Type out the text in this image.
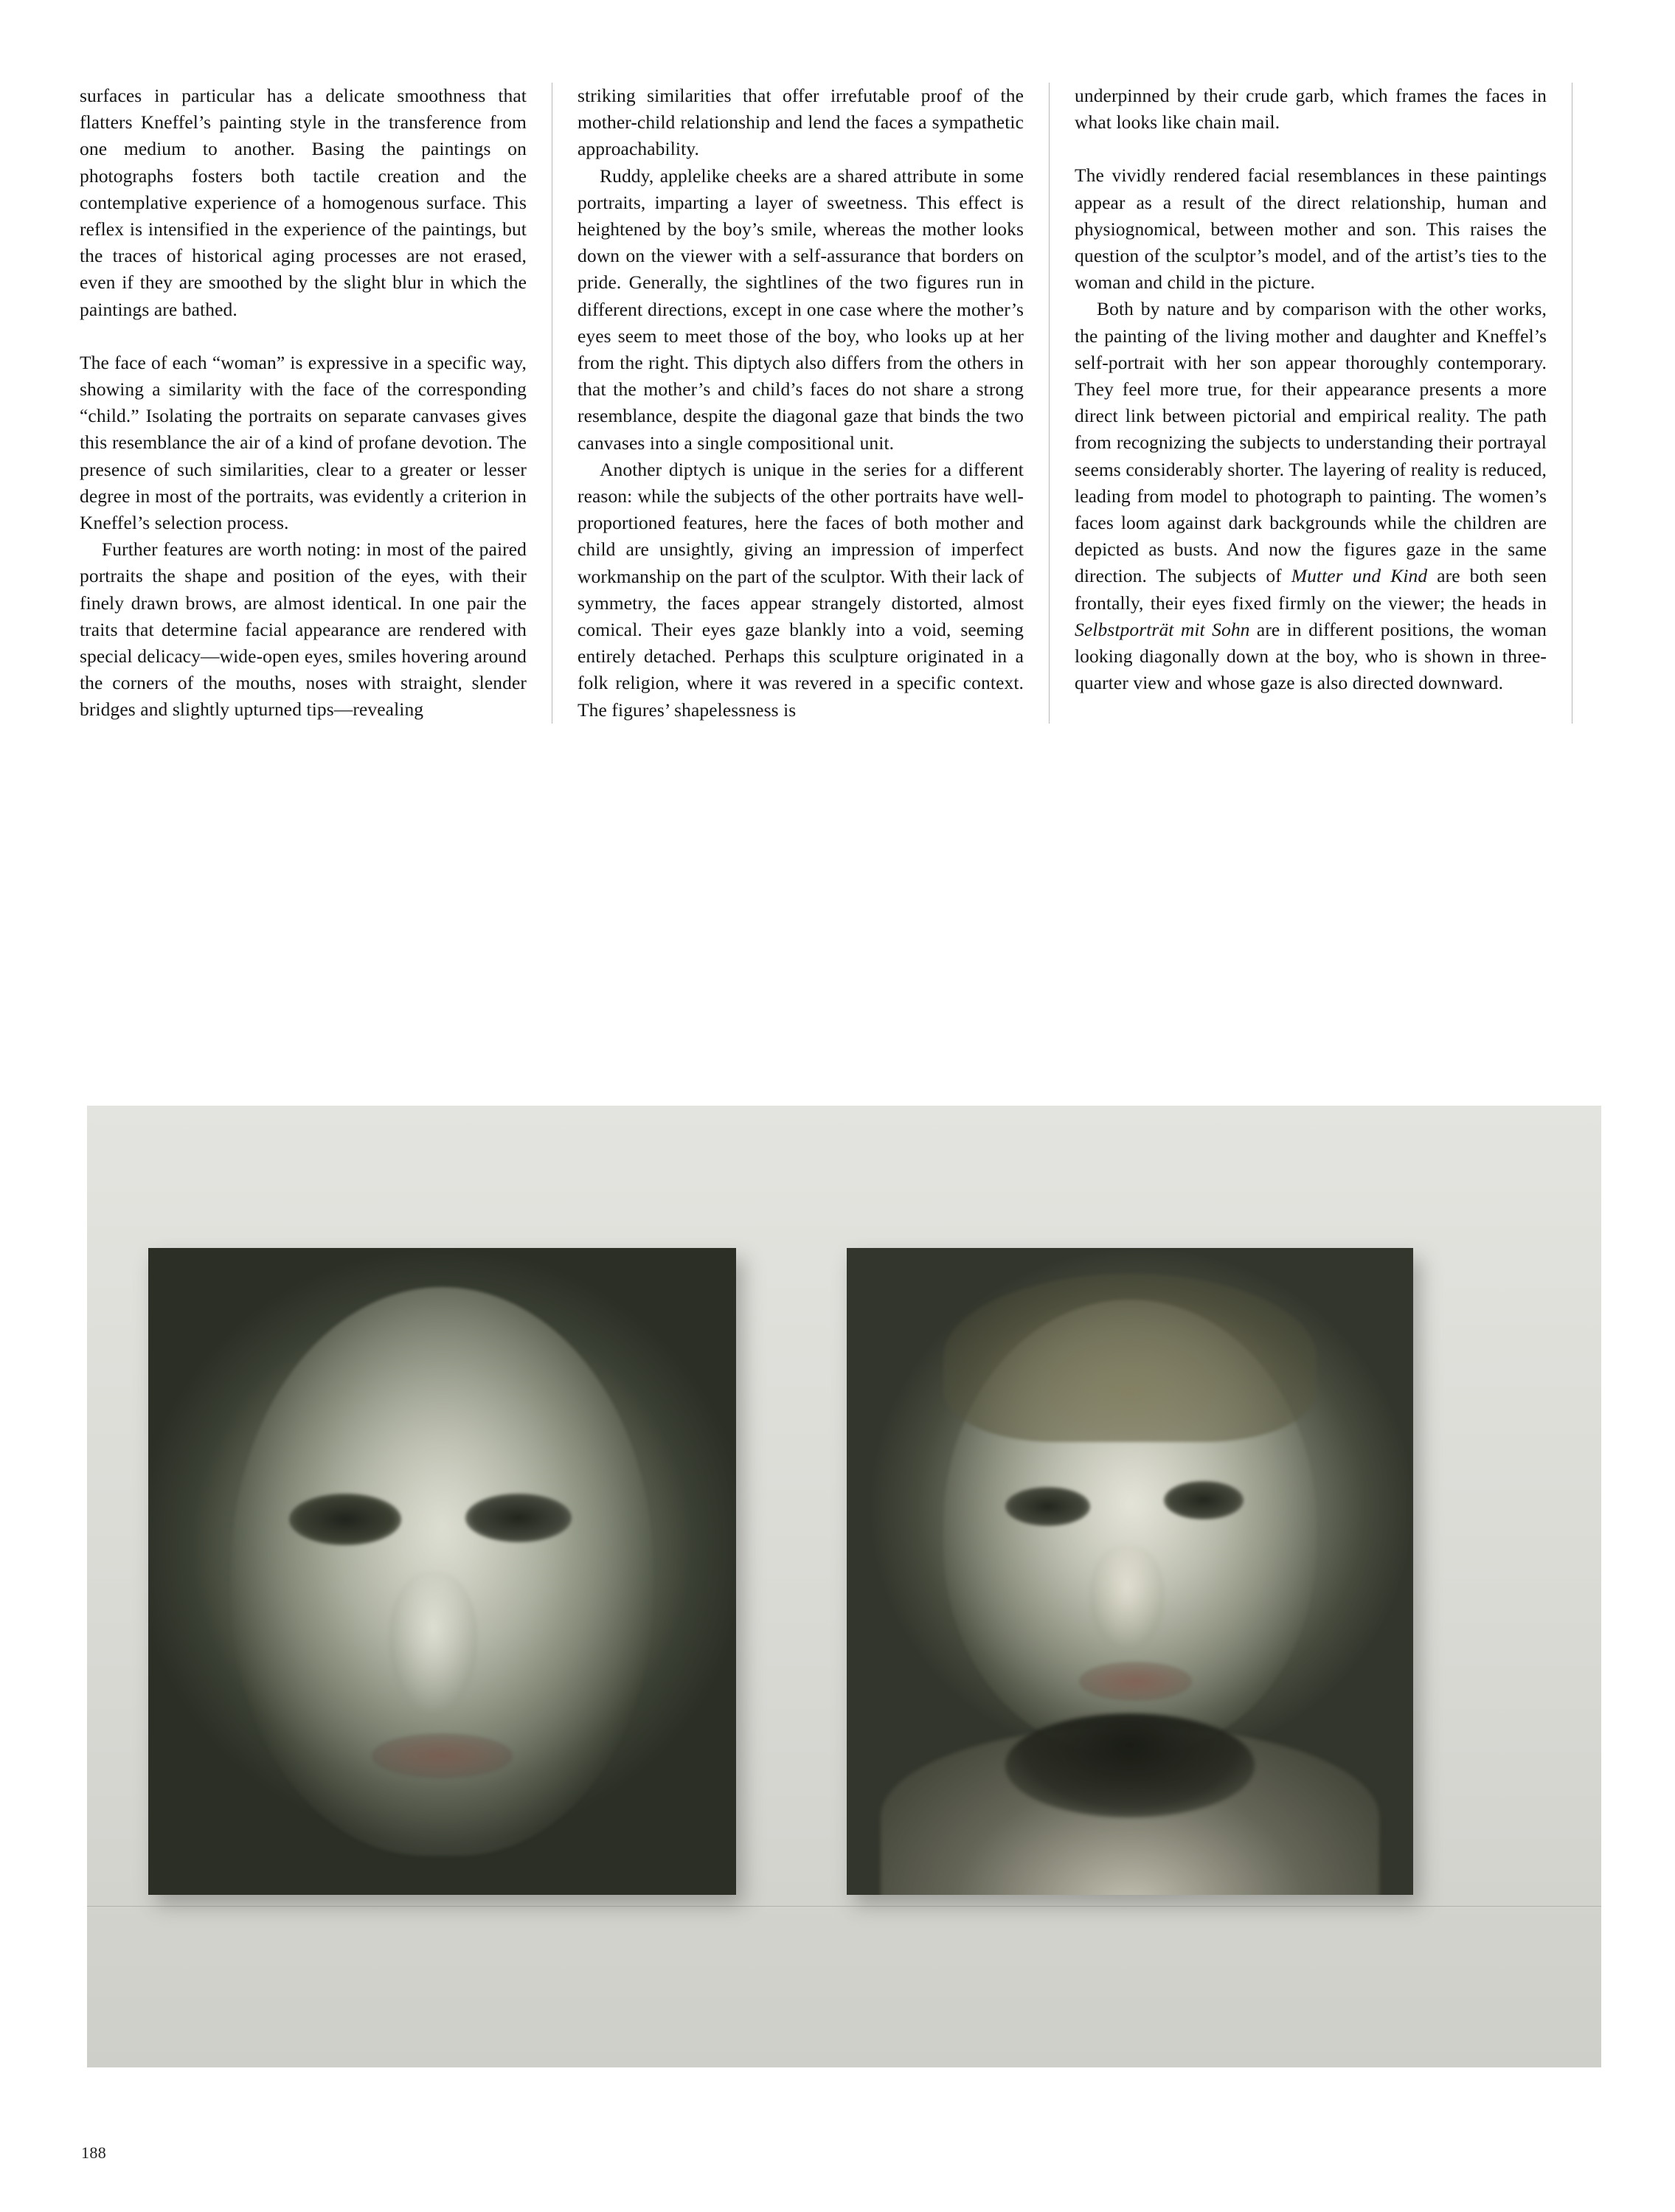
surfaces in particular has a delicate smoothness that flatters Kneffel’s painting style in the transference from one medium to another. Basing the paintings on photographs fosters both tactile creation and the contemplative experience of a homogenous surface. This reflex is intensified in the experience of the paintings, but the traces of historical aging processes are not erased, even if they are smoothed by the slight blur in which the paintings are bathed.

The face of each “woman” is expressive in a specific way, showing a similarity with the face of the corresponding “child.” Isolating the portraits on separate canvases gives this resemblance the air of a kind of profane devotion. The presence of such similarities, clear to a greater or lesser degree in most of the portraits, was evidently a criterion in Kneffel’s selection process.

Further features are worth noting: in most of the paired portraits the shape and position of the eyes, with their finely drawn brows, are almost identical. In one pair the traits that determine facial appearance are rendered with special delicacy—wide-open eyes, smiles hovering around the corners of the mouths, noses with straight, slender bridges and slightly upturned tips—revealing

striking similarities that offer irrefutable proof of the mother-child relationship and lend the faces a sympathetic approachability.

Ruddy, applelike cheeks are a shared attribute in some portraits, imparting a layer of sweetness. This effect is heightened by the boy’s smile, whereas the mother looks down on the viewer with a self-assurance that borders on pride. Generally, the sightlines of the two figures run in different directions, except in one case where the mother’s eyes seem to meet those of the boy, who looks up at her from the right. This diptych also differs from the others in that the mother’s and child’s faces do not share a strong resemblance, despite the diagonal gaze that binds the two canvases into a single compositional unit.

Another diptych is unique in the series for a different reason: while the subjects of the other portraits have well-proportioned features, here the faces of both mother and child are unsightly, giving an impression of imperfect workmanship on the part of the sculptor. With their lack of symmetry, the faces appear strangely distorted, almost comical. Their eyes gaze blankly into a void, seeming entirely detached. Perhaps this sculpture originated in a folk religion, where it was revered in a specific context. The figures’ shapelessness is

underpinned by their crude garb, which frames the faces in what looks like chain mail.

The vividly rendered facial resemblances in these paintings appear as a result of the direct relationship, human and physiognomical, between mother and son. This raises the question of the sculptor’s model, and of the artist’s ties to the woman and child in the picture.

Both by nature and by comparison with the other works, the painting of the living mother and daughter and Kneffel’s self-portrait with her son appear thoroughly contemporary. They feel more true, for their appearance presents a more direct link between pictorial and empirical reality. The path from recognizing the subjects to understanding their portrayal seems considerably shorter. The layering of reality is reduced, leading from model to photograph to painting. The women’s faces loom against dark backgrounds while the children are depicted as busts. And now the figures gaze in the same direction. The subjects of Mutter und Kind are both seen frontally, their eyes fixed firmly on the viewer; the heads in Selbstporträt mit Sohn are in different positions, the woman looking diagonally down at the boy, who is shown in three-quarter view and whose gaze is also directed downward.

188
